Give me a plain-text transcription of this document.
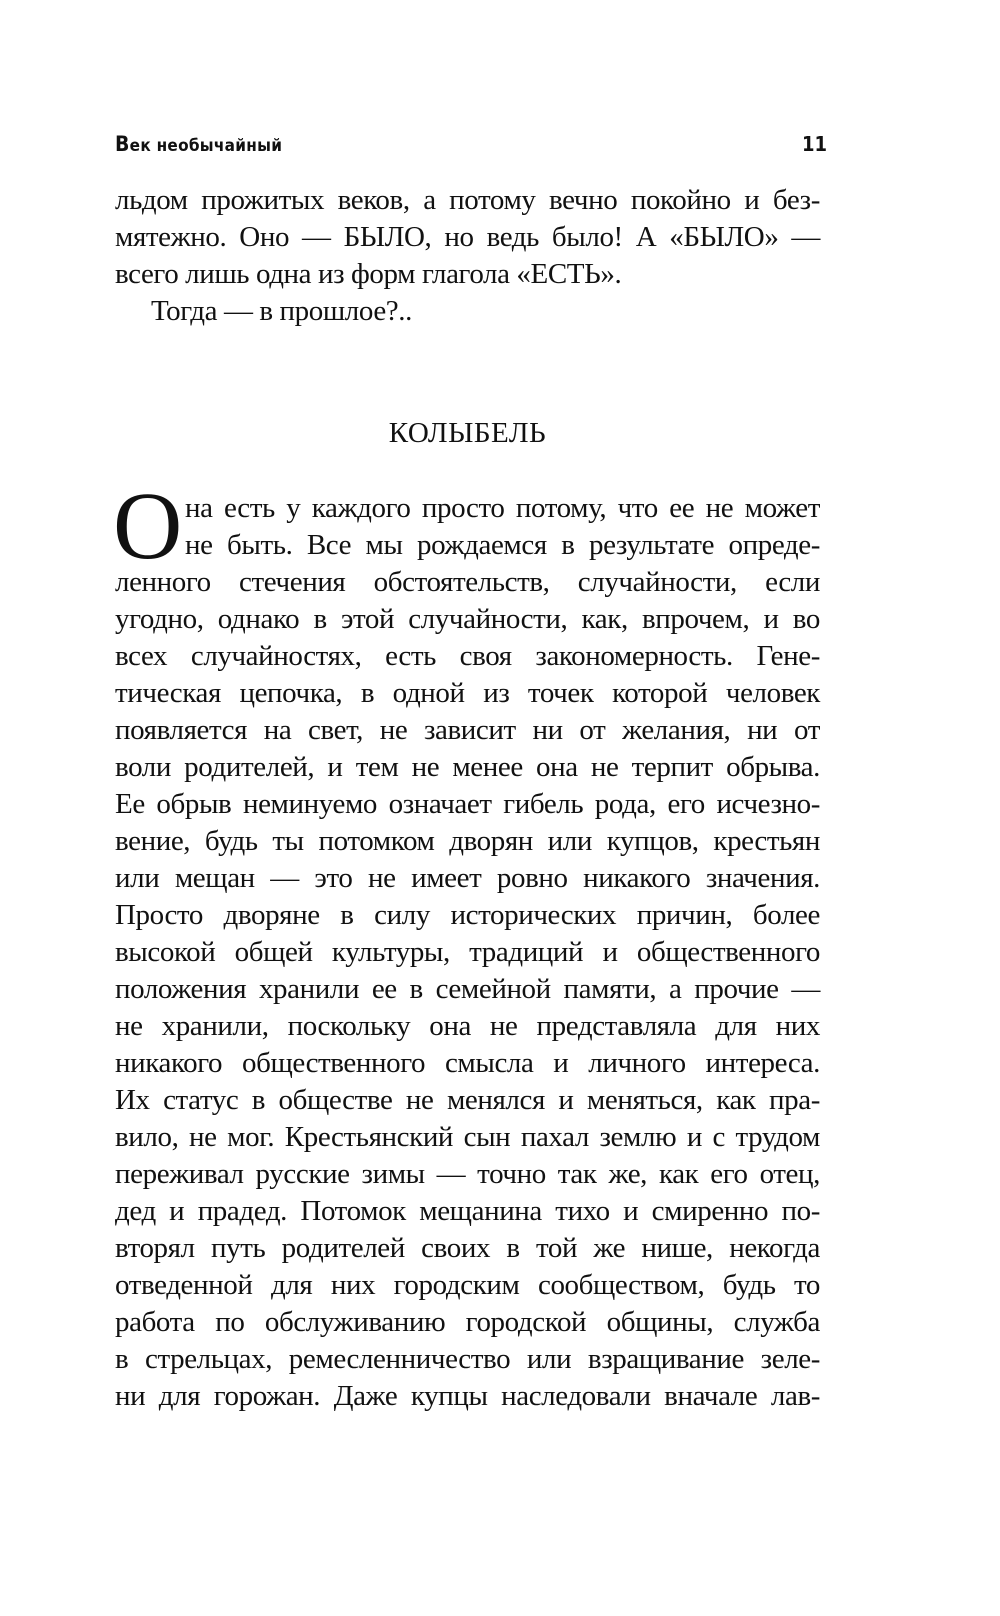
Век необычайный	11
льдом прожитых веков, а потому вечно покойно и без-
мятежно. Оно — БЫЛО, но ведь было! А «БЫЛО» —
всего лишь одна из форм глагола «ЕСТЬ».
Тогда — в прошлое?..
КОЛЫБЕЛЬ
О на есть у каждого просто потому, что ее не может
не быть. Все мы рождаемся в результате опреде-
ленного стечения обстоятельств, случайности, если
угодно, однако в этой случайности, как, впрочем, и во
всех случайностях, есть своя закономерность. Гене-
тическая цепочка, в одной из точек которой человек
появляется на свет, не зависит ни от желания, ни от
воли родителей, и тем не менее она не терпит обрыва.
Ее обрыв неминуемо означает гибель рода, его исчезно-
вение, будь ты потомком дворян или купцов, крестьян
или мещан — это не имеет ровно никакого значения.
Просто дворяне в силу исторических причин, более
высокой общей культуры, традиций и общественного
положения хранили ее в семейной памяти, а прочие —
не хранили, поскольку она не представляла для них
никакого общественного смысла и личного интереса.
Их статус в обществе не менялся и меняться, как пра-
вило, не мог. Крестьянский сын пахал землю и с трудом
переживал русские зимы — точно так же, как его отец,
дед и прадед. Потомок мещанина тихо и смиренно по-
вторял путь родителей своих в той же нише, некогда
отведенной для них городским сообществом, будь то
работа по обслуживанию городской общины, служба
в стрельцах, ремесленничество или взращивание зеле-
ни для горожан. Даже купцы наследовали вначале лав-
